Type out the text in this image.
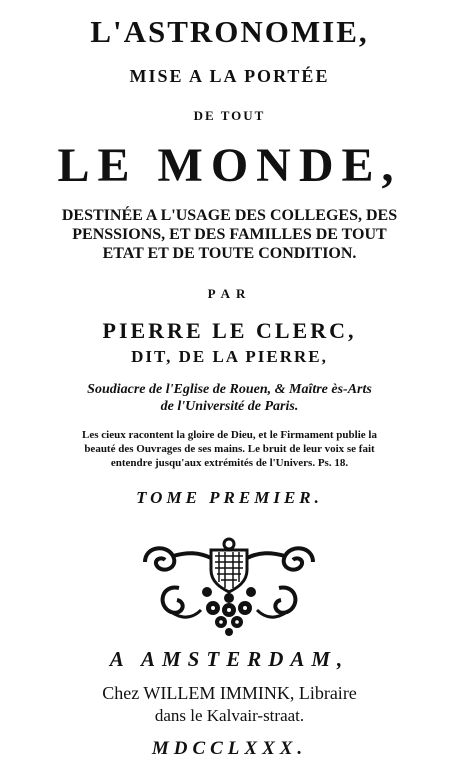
L'ASTRONOMIE,
MISE A LA PORTÉE
DE TOUT
LE MONDE,
DESTINÉE A L'USAGE DES COLLEGES, DES
PENSSIONS, ET DES FAMILLES DE TOUT
ETAT ET DE TOUTE CONDITION.
PAR
PIERRE LE CLERC,
DIT, DE LA PIERRE,
Soudiacre de l'Eglise de Rouen, & Maître ès-Arts
de l'Université de Paris.
Les cieux racontent la gloire de Dieu, et le Firmament publie la
beauté des Ouvrages de ses mains. Le bruit de leur voix se fait
entendre jusqu'aux extrémités de l'Univers. Ps. 18.
TOME PREMIER.
A AMSTERDAM,
Chez WILLEM IMMINK, Libraire
dans le Kalvair-straat.
MDCCLXXX.
